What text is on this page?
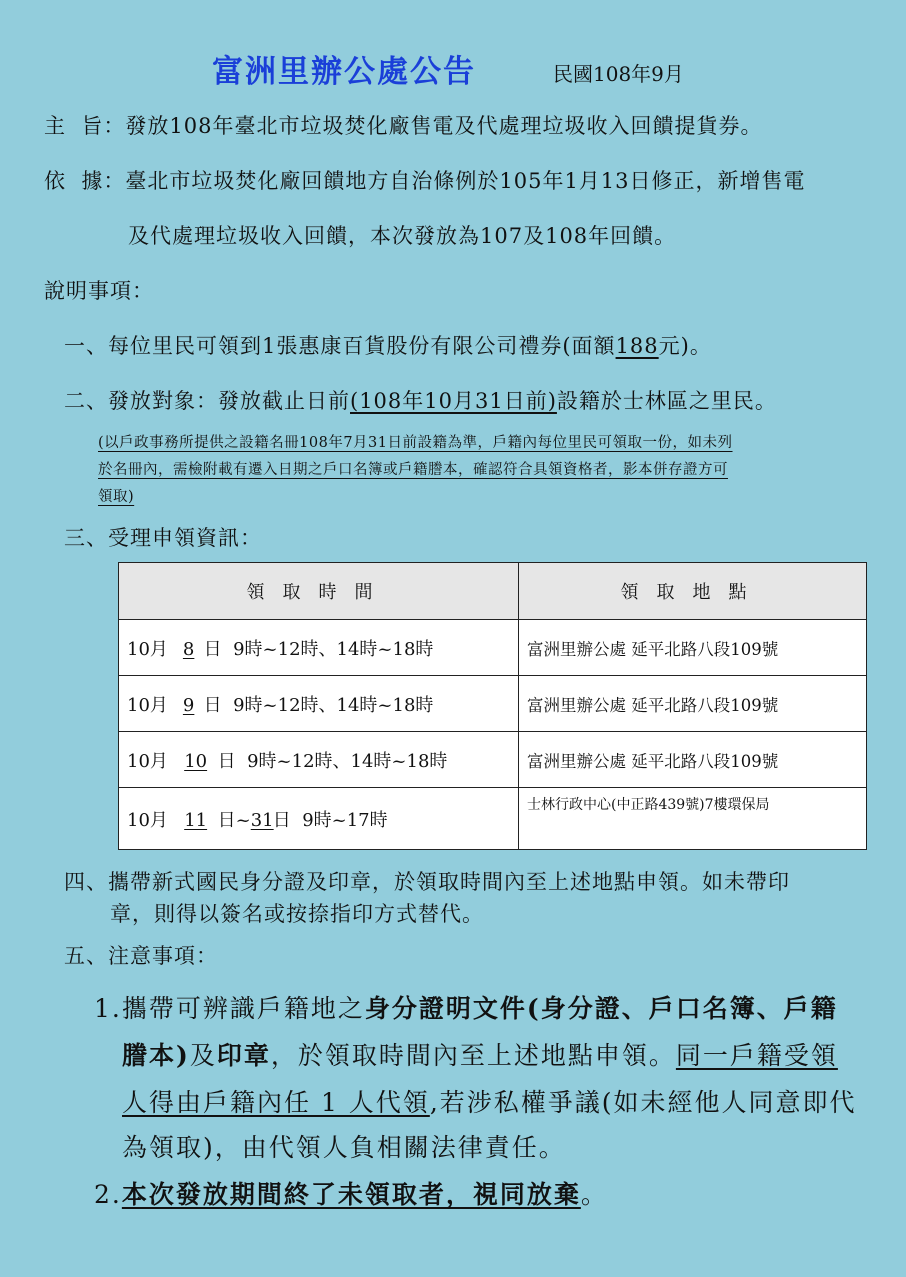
富洲里辦公處公告	民國108年9月
主  旨：發放108年臺北市垃圾焚化廠售電及代處理垃圾收入回饋提貨券。
依  據：臺北市垃圾焚化廠回饋地方自治條例於105年1月13日修正，新增售電
及代處理垃圾收入回饋，本次發放為107及108年回饋。
說明事項：
一、每位里民可領到1張惠康百貨股份有限公司禮券(面額188元)。
二、發放對象：發放截止日前(108年10月31日前)設籍於士林區之里民。
(以戶政事務所提供之設籍名冊108年7月31日前設籍為準，戶籍內每位里民可領取一份，如未列
於名冊內，需檢附載有遷入日期之戶口名簿或戶籍謄本，確認符合具領資格者，影本併存證方可
領取)
三、受理申領資訊：
領取時間	領取地點
10月 8 日 9時~12時、14時~18時	富洲里辦公處 延平北路八段109號
10月 9 日 9時~12時、14時~18時	富洲里辦公處 延平北路八段109號
10月 10 日 9時~12時、14時~18時	富洲里辦公處 延平北路八段109號
10月 11 日~31日 9時~17時	士林行政中心(中正路439號)7樓環保局
四、攜帶新式國民身分證及印章，於領取時間內至上述地點申領。如未帶印
章，則得以簽名或按捺指印方式替代。
五、注意事項：
1.攜帶可辨識戶籍地之身分證明文件(身分證、戶口名簿、戶籍
謄本)及印章，於領取時間內至上述地點申領。同一戶籍受領
人得由戶籍內任 1 人代領,若涉私權爭議(如未經他人同意即代
為領取)，由代領人負相關法律責任。
2.本次發放期間終了未領取者，視同放棄。
